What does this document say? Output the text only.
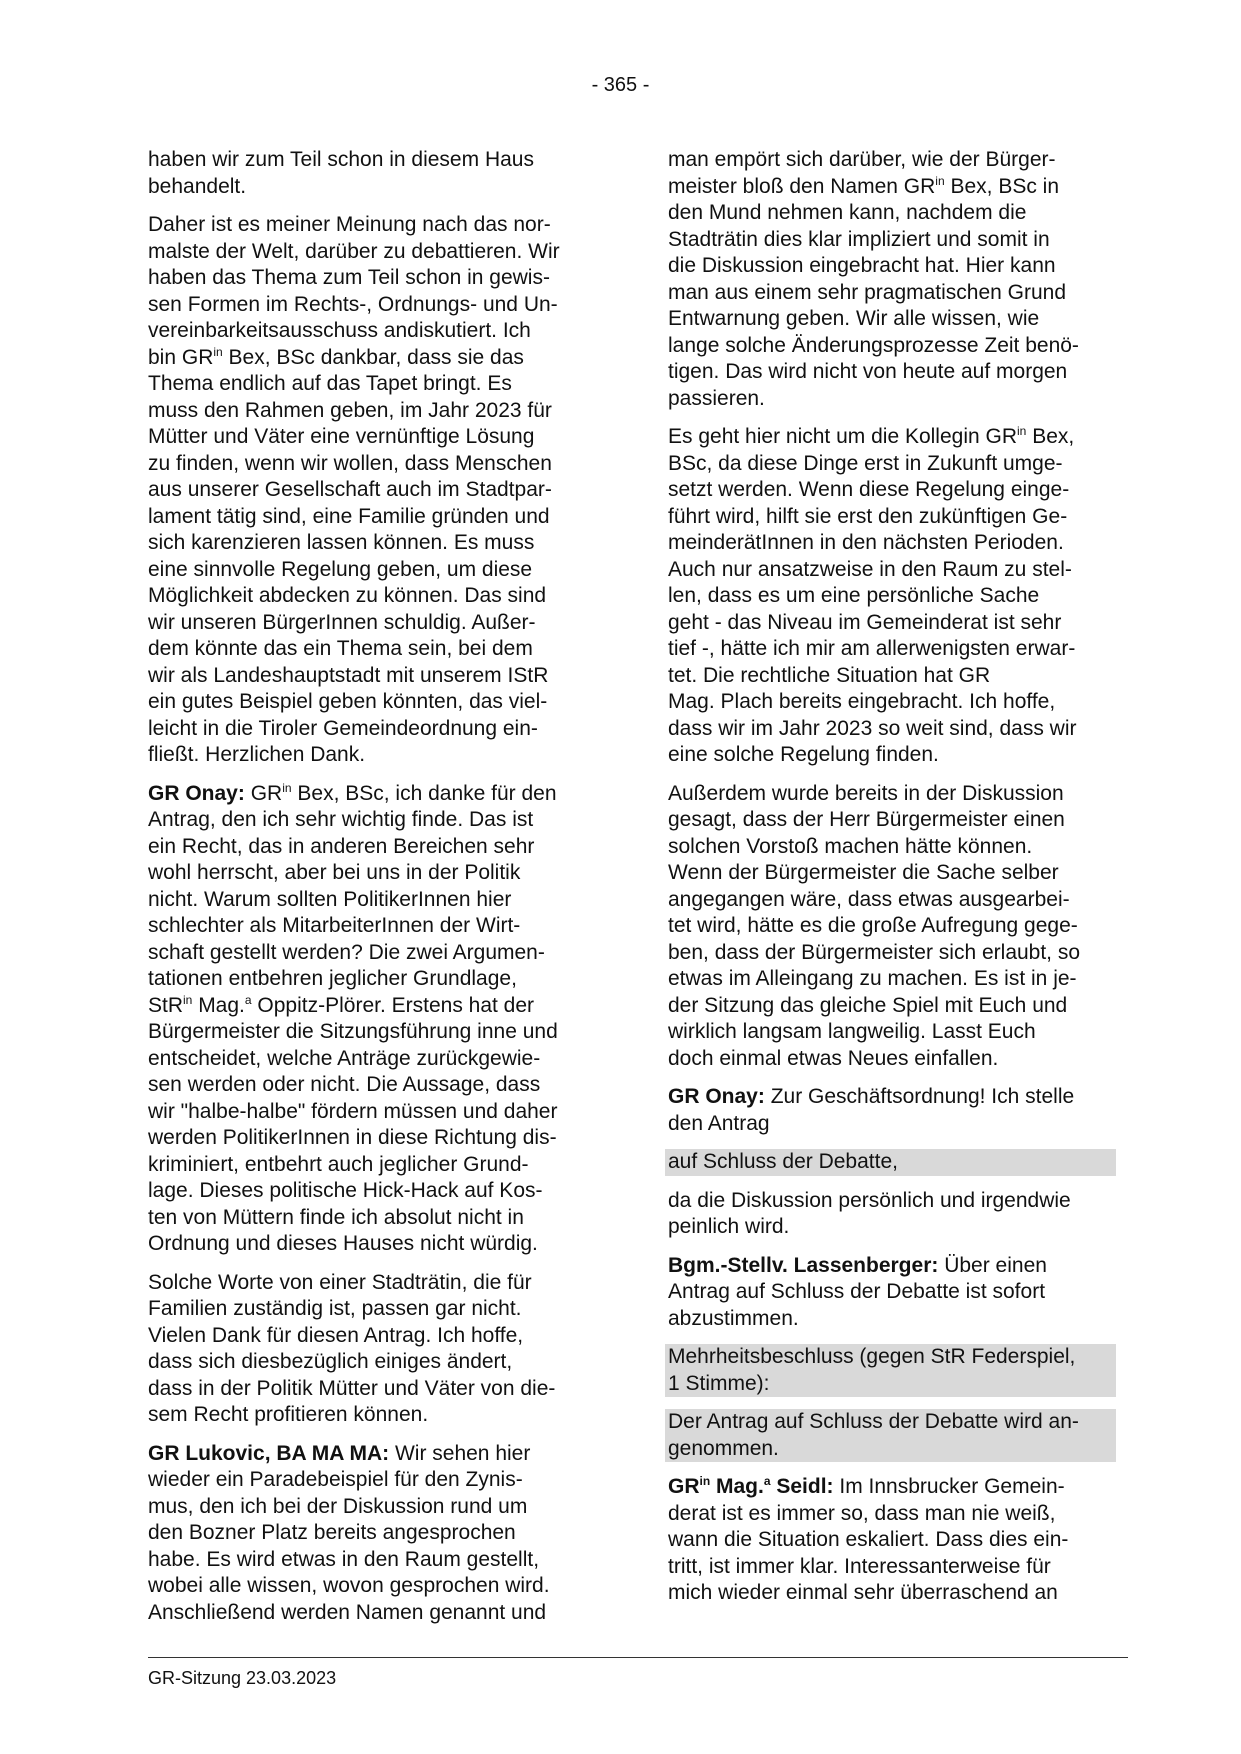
- 365 -
haben wir zum Teil schon in diesem Haus
behandelt.
Daher ist es meiner Meinung nach das nor-
malste der Welt, darüber zu debattieren. Wir
haben das Thema zum Teil schon in gewis-
sen Formen im Rechts-, Ordnungs- und Un-
vereinbarkeitsausschuss andiskutiert. Ich
bin $GR^{in}$ Bex, BSc dankbar, dass sie das
Thema endlich auf das Tapet bringt. Es
muss den Rahmen geben, im Jahr 2023 für
Mütter und Väter eine vernünftige Lösung
zu finden, wenn wir wollen, dass Menschen
aus unserer Gesellschaft auch im Stadtpar-
lament tätig sind, eine Familie gründen und
sich karenzieren lassen können. Es muss
eine sinnvolle Regelung geben, um diese
Möglichkeit abdecken zu können. Das sind
wir unseren BürgerInnen schuldig. Außer-
dem könnte das ein Thema sein, bei dem
wir als Landeshauptstadt mit unserem IStR
ein gutes Beispiel geben könnten, das viel-
leicht in die Tiroler Gemeindeordnung ein-
fließt. Herzlichen Dank.
GR Onay: $GR^{in}$ Bex, BSc, ich danke für den
Antrag, den ich sehr wichtig finde. Das ist
ein Recht, das in anderen Bereichen sehr
wohl herrscht, aber bei uns in der Politik
nicht. Warum sollten PolitikerInnen hier
schlechter als MitarbeiterInnen der Wirt-
schaft gestellt werden? Die zwei Argumen-
tationen entbehren jeglicher Grundlage,
StR$^{in}$ Mag.$^a$ Oppitz-Plörer. Erstens hat der
Bürgermeister die Sitzungsführung inne und
entscheidet, welche Anträge zurückgewie-
sen werden oder nicht. Die Aussage, dass
wir "halbe-halbe" fördern müssen und daher
werden PolitikerInnen in diese Richtung dis-
kriminiert, entbehrt auch jeglicher Grund-
lage. Dieses politische Hick-Hack auf Kos-
ten von Müttern finde ich absolut nicht in
Ordnung und dieses Hauses nicht würdig.
Solche Worte von einer Stadträtin, die für
Familien zuständig ist, passen gar nicht.
Vielen Dank für diesen Antrag. Ich hoffe,
dass sich diesbezüglich einiges ändert,
dass in der Politik Mütter und Väter von die-
sem Recht profitieren können.
GR Lukovic, BA MA MA: Wir sehen hier
wieder ein Paradebeispiel für den Zynis-
mus, den ich bei der Diskussion rund um
den Bozner Platz bereits angesprochen
habe. Es wird etwas in den Raum gestellt,
wobei alle wissen, wovon gesprochen wird.
Anschließend werden Namen genannt und
man empört sich darüber, wie der Bürger-
meister bloß den Namen $GR^{in}$ Bex, BSc in
den Mund nehmen kann, nachdem die
Stadträtin dies klar impliziert und somit in
die Diskussion eingebracht hat. Hier kann
man aus einem sehr pragmatischen Grund
Entwarnung geben. Wir alle wissen, wie
lange solche Änderungsprozesse Zeit benö-
tigen. Das wird nicht von heute auf morgen
passieren.
Es geht hier nicht um die Kollegin $GR^{in}$ Bex,
BSc, da diese Dinge erst in Zukunft umge-
setzt werden. Wenn diese Regelung einge-
führt wird, hilft sie erst den zukünftigen Ge-
meinderätInnen in den nächsten Perioden.
Auch nur ansatzweise in den Raum zu stel-
len, dass es um eine persönliche Sache
geht - das Niveau im Gemeinderat ist sehr
tief -, hätte ich mir am allerwenigsten erwar-
tet. Die rechtliche Situation hat GR
Mag. Plach bereits eingebracht. Ich hoffe,
dass wir im Jahr 2023 so weit sind, dass wir
eine solche Regelung finden.
Außerdem wurde bereits in der Diskussion
gesagt, dass der Herr Bürgermeister einen
solchen Vorstoß machen hätte können.
Wenn der Bürgermeister die Sache selber
angegangen wäre, dass etwas ausgearbei-
tet wird, hätte es die große Aufregung gege-
ben, dass der Bürgermeister sich erlaubt, so
etwas im Alleingang zu machen. Es ist in je-
der Sitzung das gleiche Spiel mit Euch und
wirklich langsam langweilig. Lasst Euch
doch einmal etwas Neues einfallen.
GR Onay: Zur Geschäftsordnung! Ich stelle
den Antrag
auf Schluss der Debatte,
da die Diskussion persönlich und irgendwie
peinlich wird.
Bgm.-Stellv. Lassenberger: Über einen
Antrag auf Schluss der Debatte ist sofort
abzustimmen.
Mehrheitsbeschluss (gegen StR Federspiel,
1 Stimme):
Der Antrag auf Schluss der Debatte wird an-
genommen.
$GR^{in}$ Mag.$^a$ Seidl: Im Innsbrucker Gemein-
derat ist es immer so, dass man nie weiß,
wann die Situation eskaliert. Dass dies ein-
tritt, ist immer klar. Interessanterweise für
mich wieder einmal sehr überraschend an
GR-Sitzung 23.03.2023
